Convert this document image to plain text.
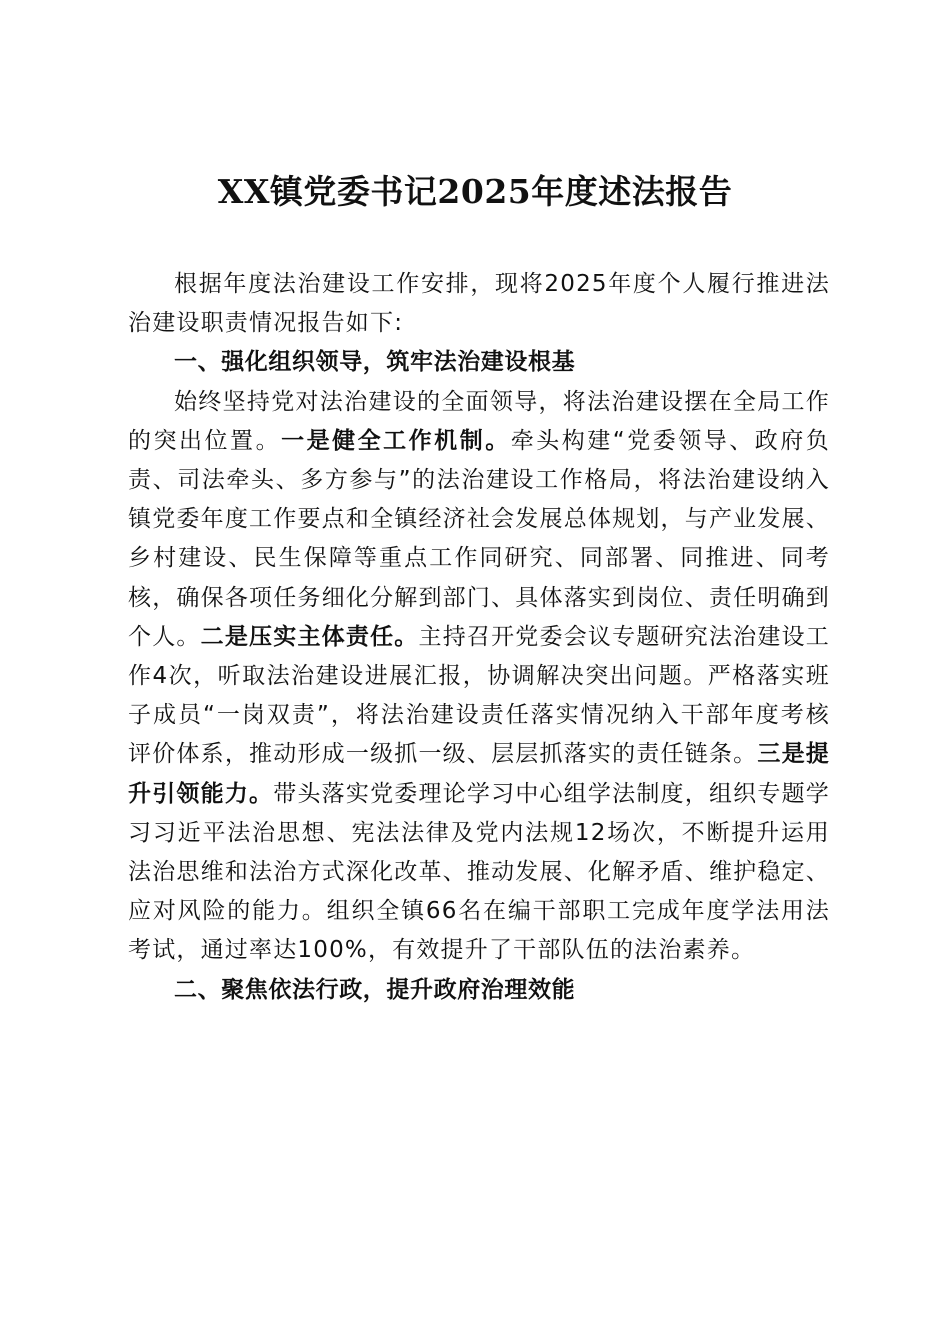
XX镇党委书记2025年度述法报告

根据年度法治建设工作安排，现将2025年度个人履行推进法治建设职责情况报告如下:

一、强化组织领导，筑牢法治建设根基

始终坚持党对法治建设的全面领导，将法治建设摆在全局工作的突出位置。一是健全工作机制。牵头构建“党委领导、政府负责、司法牵头、多方参与”的法治建设工作格局，将法治建设纳入镇党委年度工作要点和全镇经济社会发展总体规划，与产业发展、乡村建设、民生保障等重点工作同研究、同部署、同推进、同考核，确保各项任务细化分解到部门、具体落实到岗位、责任明确到个人。二是压实主体责任。主持召开党委会议专题研究法治建设工作4次，听取法治建设进展汇报，协调解决突出问题。严格落实班子成员“一岗双责”，将法治建设责任落实情况纳入干部年度考核评价体系，推动形成一级抓一级、层层抓落实的责任链条。三是提升引领能力。带头落实党委理论学习中心组学法制度，组织专题学习习近平法治思想、宪法法律及党内法规12场次，不断提升运用法治思维和法治方式深化改革、推动发展、化解矛盾、维护稳定、应对风险的能力。组织全镇66名在编干部职工完成年度学法用法考试，通过率达100%，有效提升了干部队伍的法治素养。

二、聚焦依法行政，提升政府治理效能
